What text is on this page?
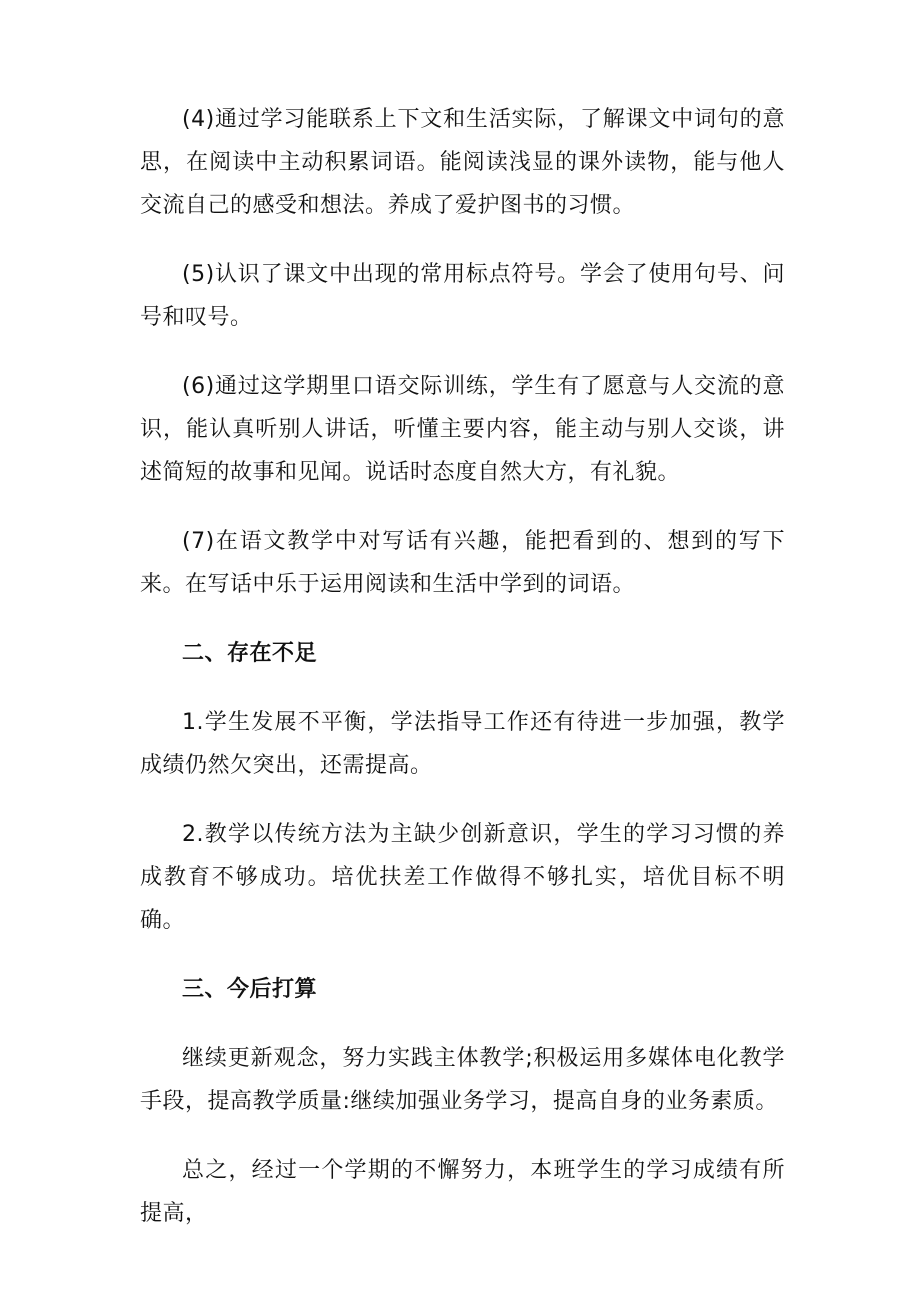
(4)通过学习能联系上下文和生活实际，了解课文中词句的意思，在阅读中主动积累词语。能阅读浅显的课外读物，能与他人交流自己的感受和想法。养成了爱护图书的习惯。

(5)认识了课文中出现的常用标点符号。学会了使用句号、问号和叹号。

(6)通过这学期里口语交际训练，学生有了愿意与人交流的意识，能认真听别人讲话，听懂主要内容，能主动与别人交谈，讲述简短的故事和见闻。说话时态度自然大方，有礼貌。

(7)在语文教学中对写话有兴趣，能把看到的、想到的写下来。在写话中乐于运用阅读和生活中学到的词语。

二、存在不足

1.学生发展不平衡，学法指导工作还有待进一步加强，教学成绩仍然欠突出，还需提高。

2.教学以传统方法为主缺少创新意识，学生的学习习惯的养成教育不够成功。培优扶差工作做得不够扎实，培优目标不明确。

三、今后打算

继续更新观念，努力实践主体教学;积极运用多媒体电化教学手段，提高教学质量:继续加强业务学习，提高自身的业务素质。

总之，经过一个学期的不懈努力，本班学生的学习成绩有所提高，
